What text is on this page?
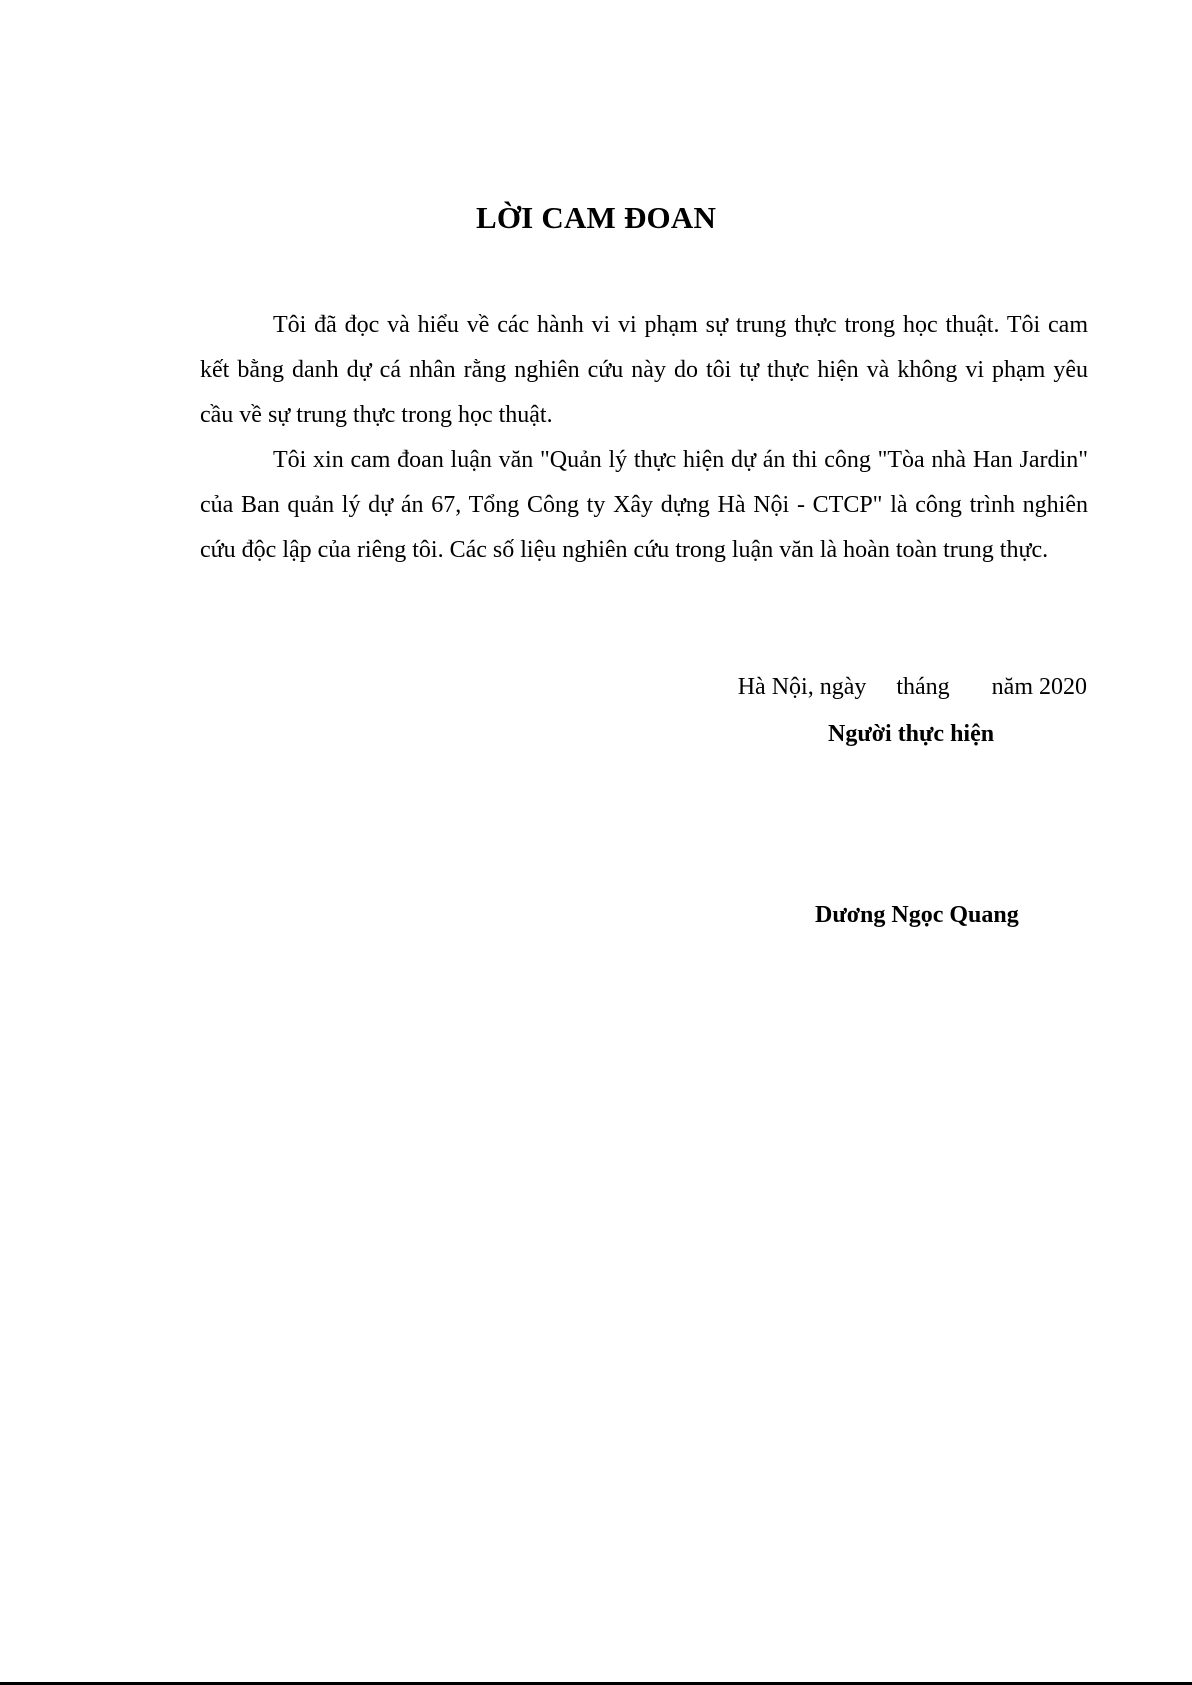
LỜI CAM ĐOAN

Tôi đã đọc và hiểu về các hành vi vi phạm sự trung thực trong học thuật. Tôi cam kết bằng danh dự cá nhân rằng nghiên cứu này do tôi tự thực hiện và không vi phạm yêu cầu về sự trung thực trong học thuật.

Tôi xin cam đoan luận văn "Quản lý thực hiện dự án thi công "Tòa nhà Han Jardin" của Ban quản lý dự án 67, Tổng Công ty Xây dựng Hà Nội - CTCP" là công trình nghiên cứu độc lập của riêng tôi. Các số liệu nghiên cứu trong luận văn là hoàn toàn trung thực.

Hà Nội, ngày     tháng       năm 2020
Người thực hiện
Dương Ngọc Quang
